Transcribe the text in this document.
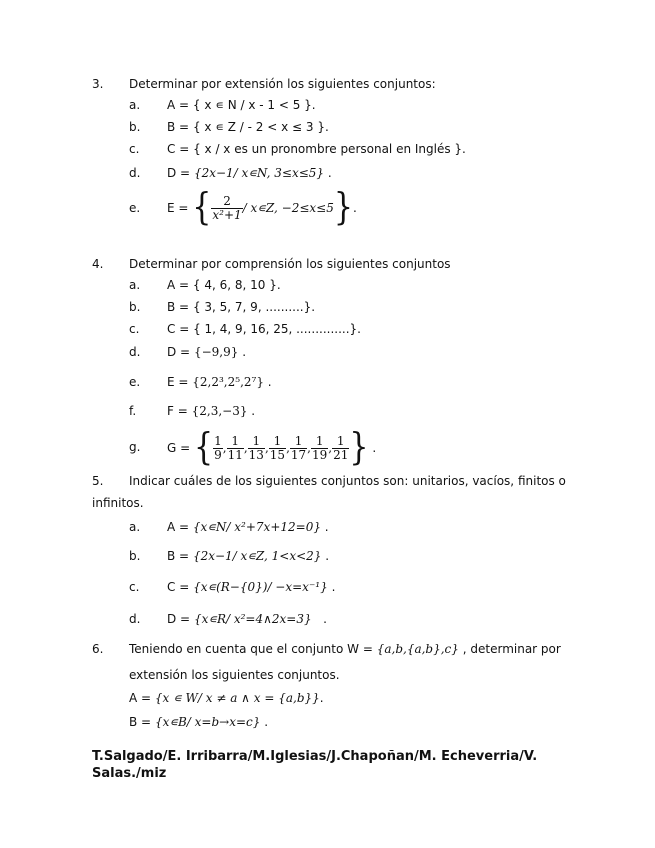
3. Determinar por extensión los siguientes conjuntos:
a. A = { x ∊ N / x - 1 < 5 }.
b. B = { x ∊ Z / - 2 < x ≤ 3 }.
c. C = { x / x es un pronombre personal en Inglés }.
d. D = {2x−1/ x∊N, 3≤x≤5} .
e. E =
{ $\frac{2}{\text{x²+1}}$ / x∊Z, −2≤x≤5 } .
4. Determinar por comprensión los siguientes conjuntos
a. A = { 4, 6, 8, 10 }.
b. B = { 3, 5, 7, 9, ..........}.
c. C = { 1, 4, 9, 16, 25, ..............}.
d. D = {−9,9} .
e. E = {2,2³,2⁵,2⁷} .
f.	F = {2,3,−3} .
g. G =
{ $\frac{1}{9}$ , $\frac{1}{11}$ , $\frac{1}{13}$ , $\frac{1}{15}$ , $\frac{1}{17}$ , $\frac{1}{19}$ , $\frac{1}{21}$ }
.
5. Indicar cuáles de los siguientes conjuntos son: unitarios, vacíos, finitos o
infinitos.
a. A = {x∊N/ x²+7x+12=0} .
b. B = {2x−1/ x∊Z, 1<x<2} .
c. C = {x∊(R−{0})/ −x=x⁻¹} .
d. D = {x∊R/ x²=4∧2x=3} .
6. Teniendo en cuenta que el conjunto W = {a,b,{a,b},c} , determinar por
extensión los siguientes conjuntos.
A = {x ∊ W/ x ≠ a ∧ x = {a,b}}.
B = {x∊B/ x=b→x=c} .
T.Salgado/E. Irribarra/M.Iglesias/J.Chapoñan/M. Echeverria/V. Salas./miz
